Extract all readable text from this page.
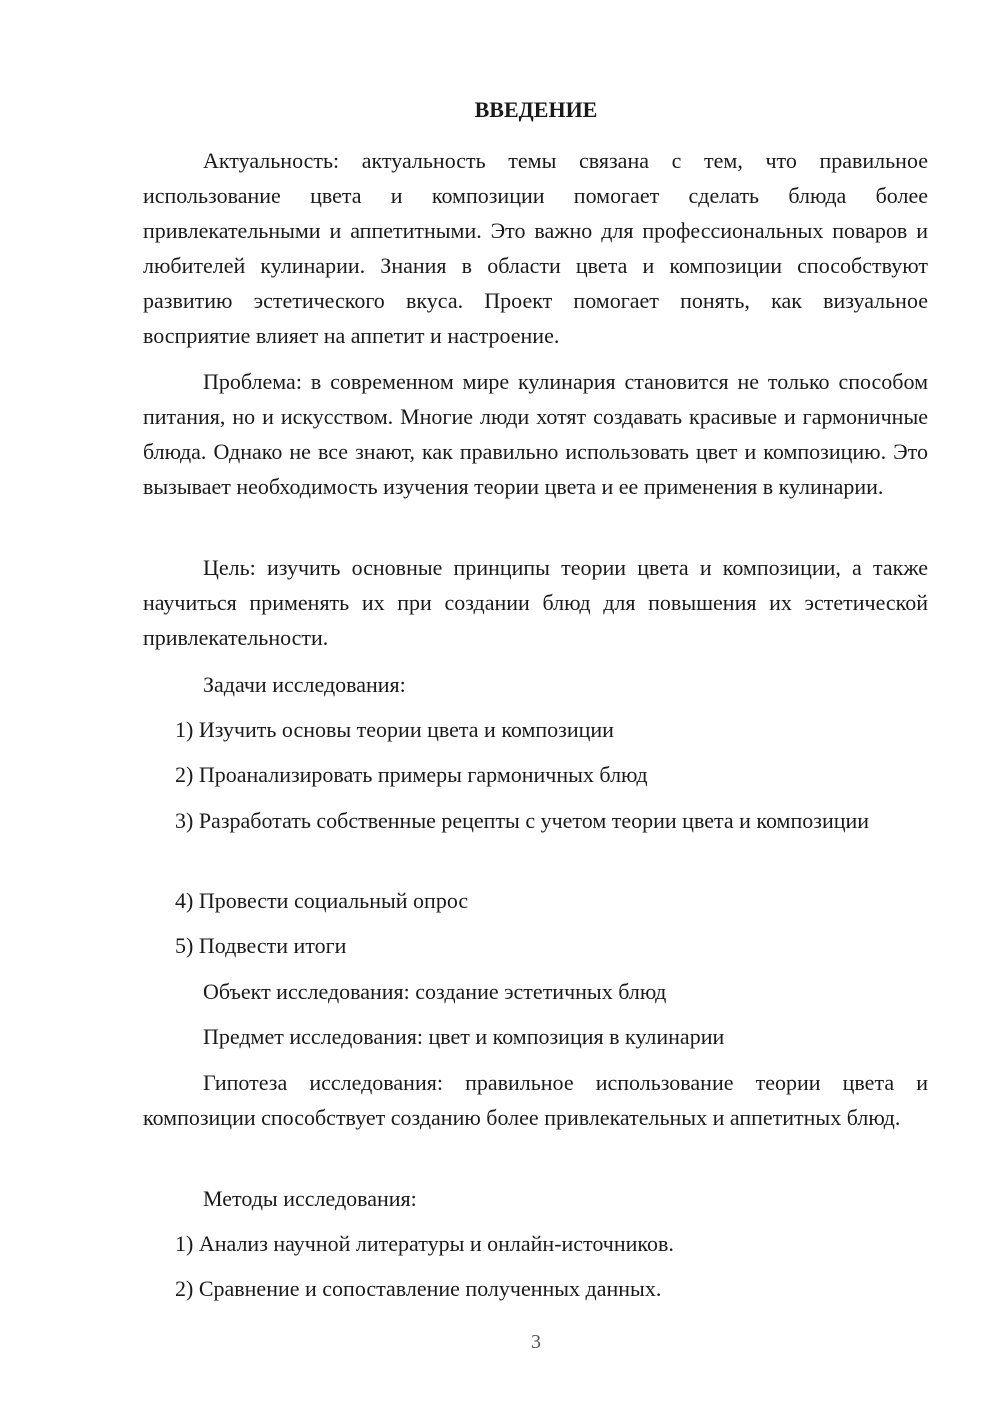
ВВЕДЕНИЕ

Актуальность: актуальность темы связана с тем, что правильное использование цвета и композиции помогает сделать блюда более привлекательными и аппетитными. Это важно для профессиональных поваров и любителей кулинарии. Знания в области цвета и композиции способствуют развитию эстетического вкуса. Проект помогает понять, как визуальное восприятие влияет на аппетит и настроение.

Проблема: в современном мире кулинария становится не только способом питания, но и искусством. Многие люди хотят создавать красивые и гармоничные блюда. Однако не все знают, как правильно использовать цвет и композицию. Это вызывает необходимость изучения теории цвета и ее применения в кулинарии.

Цель: изучить основные принципы теории цвета и композиции, а также научиться применять их при создании блюд для повышения их эстетической привлекательности.

Задачи исследования:

1) Изучить основы теории цвета и композиции

2) Проанализировать примеры гармоничных блюд

3) Разработать собственные рецепты с учетом теории цвета и композиции

4) Провести социальный опрос

5) Подвести итоги

Объект исследования: создание эстетичных блюд

Предмет исследования: цвет и композиция в кулинарии

Гипотеза исследования: правильное использование теории цвета и композиции способствует созданию более привлекательных и аппетитных блюд.

Методы исследования:

1) Анализ научной литературы и онлайн-источников.

2) Сравнение и сопоставление полученных данных.

3
